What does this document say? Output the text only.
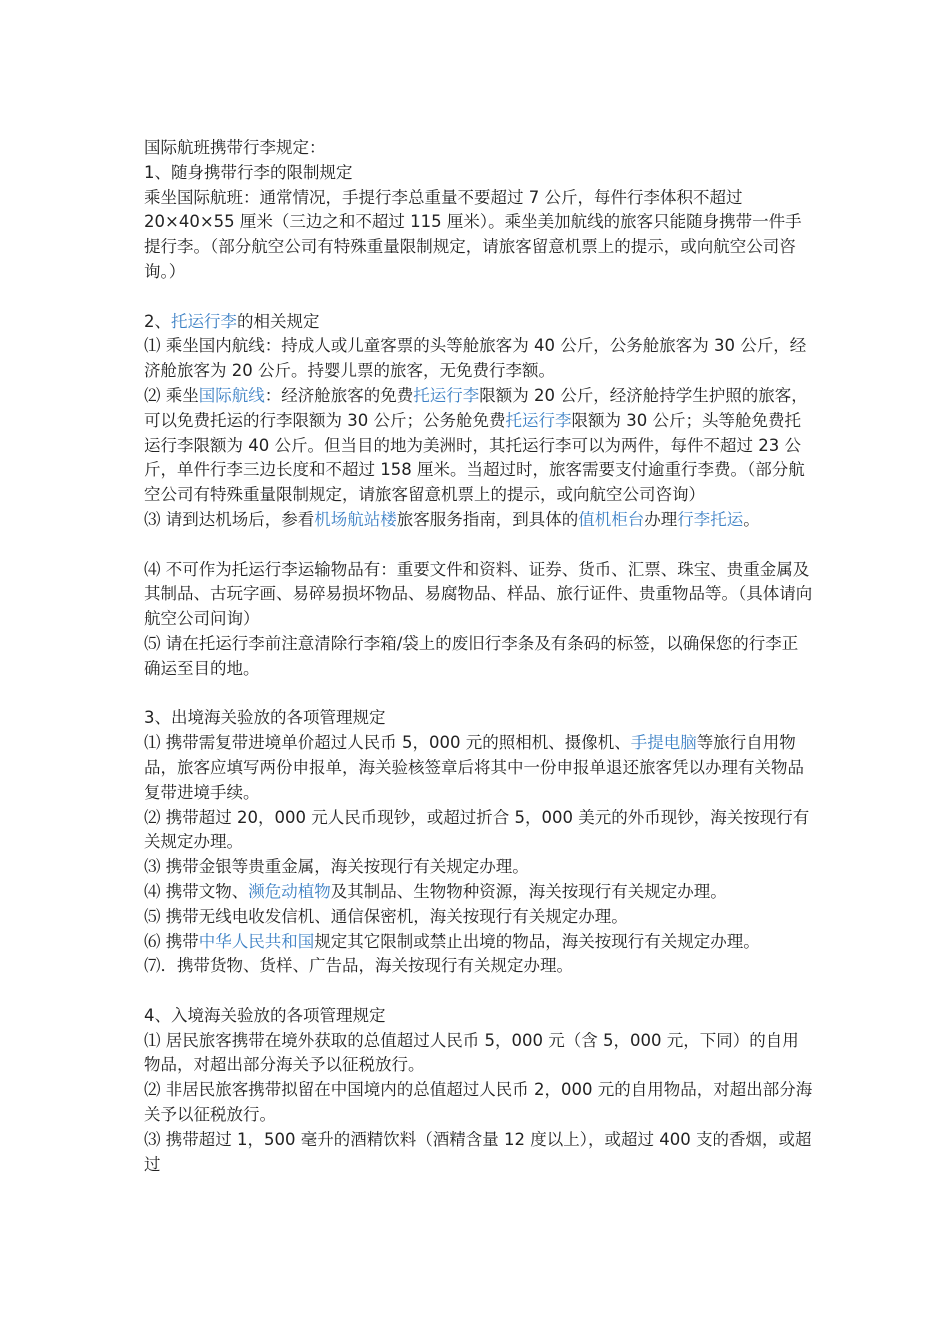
国际航班携带行李规定：

1、随身携带行李的限制规定

乘坐国际航班：通常情况，手提行李总重量不要超过 7 公斤，每件行李体积不超过 20×40×55 厘米（三边之和不超过 115 厘米）。乘坐美加航线的旅客只能随身携带一件手提行李。（部分航空公司有特殊重量限制规定，请旅客留意机票上的提示，或向航空公司咨询。）

2、托运行李的相关规定

⑴ 乘坐国内航线：持成人或儿童客票的头等舱旅客为 40 公斤，公务舱旅客为 30 公斤，经济舱旅客为 20 公斤。持婴儿票的旅客，无免费行李额。

⑵ 乘坐国际航线：经济舱旅客的免费托运行李限额为 20 公斤，经济舱持学生护照的旅客，可以免费托运的行李限额为 30 公斤；公务舱免费托运行李限额为 30 公斤；头等舱免费托运行李限额为 40 公斤。但当目的地为美洲时，其托运行李可以为两件，每件不超过 23 公斤，单件行李三边长度和不超过 158 厘米。当超过时，旅客需要支付逾重行李费。（部分航空公司有特殊重量限制规定，请旅客留意机票上的提示，或向航空公司咨询）

⑶ 请到达机场后，参看机场航站楼旅客服务指南，到具体的值机柜台办理行李托运。

⑷ 不可作为托运行李运输物品有：重要文件和资料、证券、货币、汇票、珠宝、贵重金属及其制品、古玩字画、易碎易损坏物品、易腐物品、样品、旅行证件、贵重物品等。（具体请向航空公司问询）

⑸ 请在托运行李前注意清除行李箱/袋上的废旧行李条及有条码的标签，以确保您的行李正确运至目的地。

3、出境海关验放的各项管理规定

⑴ 携带需复带进境单价超过人民币 5，000 元的照相机、摄像机、手提电脑等旅行自用物品，旅客应填写两份申报单，海关验核签章后将其中一份申报单退还旅客凭以办理有关物品复带进境手续。

⑵ 携带超过 20，000 元人民币现钞，或超过折合 5，000 美元的外币现钞，海关按现行有关规定办理。

⑶ 携带金银等贵重金属，海关按现行有关规定办理。

⑷ 携带文物、濒危动植物及其制品、生物物种资源，海关按现行有关规定办理。

⑸ 携带无线电收发信机、通信保密机，海关按现行有关规定办理。

⑹ 携带中华人民共和国规定其它限制或禁止出境的物品，海关按现行有关规定办理。

⑺．携带货物、货样、广告品，海关按现行有关规定办理。

4、入境海关验放的各项管理规定

⑴ 居民旅客携带在境外获取的总值超过人民币 5，000 元（含 5，000 元，下同）的自用物品，对超出部分海关予以征税放行。

⑵ 非居民旅客携带拟留在中国境内的总值超过人民币 2，000 元的自用物品，对超出部分海关予以征税放行。

⑶ 携带超过 1，500 毫升的酒精饮料（酒精含量 12 度以上），或超过 400 支的香烟，或超过
